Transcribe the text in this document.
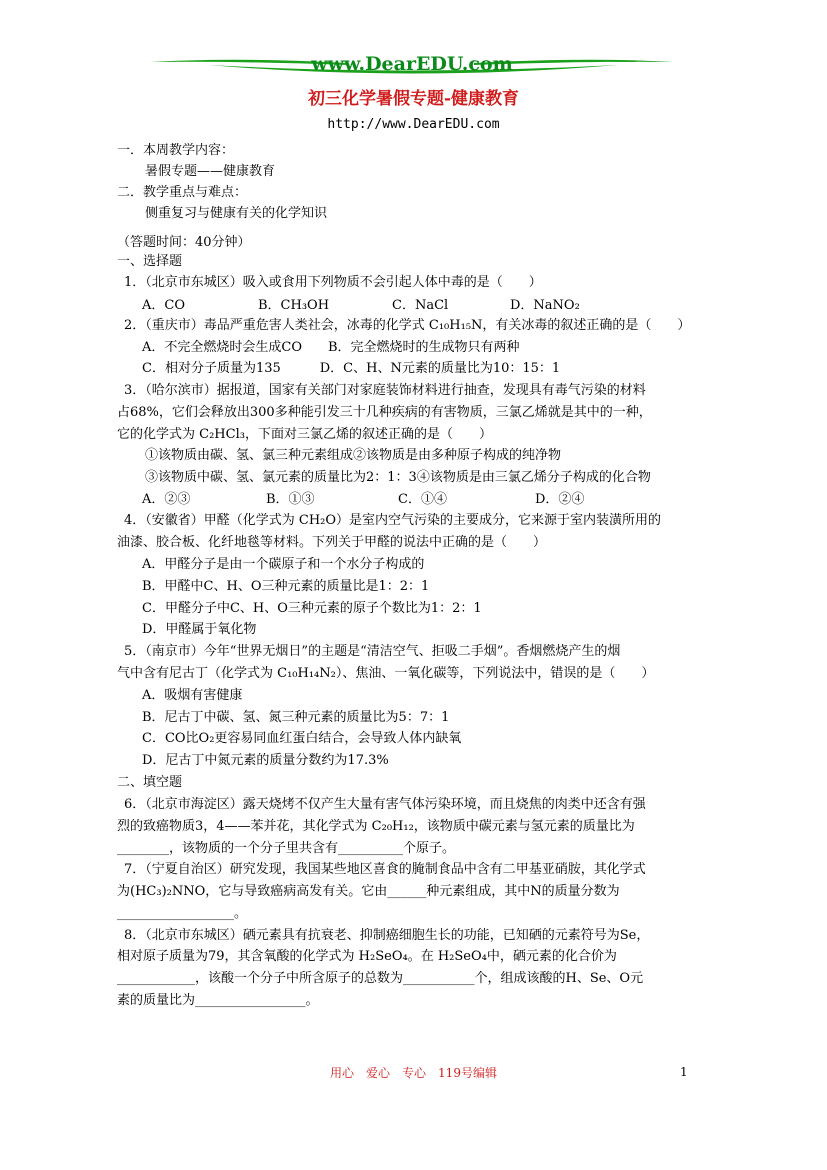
www.DearEDU.com
初三化学暑假专题-健康教育
http://www.DearEDU.com
一．本周教学内容：
暑假专题——健康教育
二．教学重点与难点：
侧重复习与健康有关的化学知识
（答题时间：40分钟）
一、选择题
1．（北京市东城区）吸入或食用下列物质不会引起人体中毒的是（　　）
A．CO	B．CH₃OH	C．NaCl	D．NaNO₂
2．（重庆市）毒品严重危害人类社会，冰毒的化学式 C₁₀H₁₅N，有关冰毒的叙述正确的是（　　）
A．不完全燃烧时会生成CO　　B．完全燃烧时的生成物只有两种
C．相对分子质量为135　　　D．C、H、N元素的质量比为10：15：1
3．（哈尔滨市）据报道，国家有关部门对家庭装饰材料进行抽查，发现具有毒气污染的材料
占68%，它们会释放出300多种能引发三十几种疾病的有害物质，三氯乙烯就是其中的一种，
它的化学式为 C₂HCl₃，下面对三氯乙烯的叙述正确的是（　　）
①该物质由碳、氢、氯三种元素组成②该物质是由多种原子构成的纯净物
③该物质中碳、氢、氯元素的质量比为2：1：3④该物质是由三氯乙烯分子构成的化合物
A．②③	B．①③	C．①④	D．②④
4．（安徽省）甲醛（化学式为 CH₂O）是室内空气污染的主要成分，它来源于室内装潢所用的
油漆、胶合板、化纤地毯等材料。下列关于甲醛的说法中正确的是（　　）
A．甲醛分子是由一个碳原子和一个水分子构成的
B．甲醛中C、H、O三种元素的质量比是1：2：1
C．甲醛分子中C、H、O三种元素的原子个数比为1：2：1
D．甲醛属于氧化物
5．（南京市）今年“世界无烟日”的主题是“清洁空气、拒吸二手烟”。香烟燃烧产生的烟
气中含有尼古丁（化学式为 C₁₀H₁₄N₂）、焦油、一氧化碳等，下列说法中，错误的是（　　）
A．吸烟有害健康
B．尼古丁中碳、氢、氮三种元素的质量比为5：7：1
C．CO比O₂更容易同血红蛋白结合，会导致人体内缺氧
D．尼古丁中氮元素的质量分数约为17.3%
二、填空题
6．（北京市海淀区）露天烧烤不仅产生大量有害气体污染环境，而且烧焦的肉类中还含有强
烈的致癌物质3，4——苯并花，其化学式为 C₂₀H₁₂，该物质中碳元素与氢元素的质量比为
________，该物质的一个分子里共含有__________个原子。
7．（宁夏自治区）研究发现，我国某些地区喜食的腌制食品中含有二甲基亚硝胺，其化学式
为(HC₃)₂NNO，它与导致癌病高发有关。它由______种元素组成，其中N的质量分数为
__________________。
8．（北京市东城区）硒元素具有抗衰老、抑制癌细胞生长的功能，已知硒的元素符号为Se，
相对原子质量为79，其含氧酸的化学式为 H₂SeO₄。在 H₂SeO₄中，硒元素的化合价为
____________，该酸一个分子中所含原子的总数为___________个，组成该酸的H、Se、O元
素的质量比为_________________。
用心　爱心　专心　119号编辑	1
